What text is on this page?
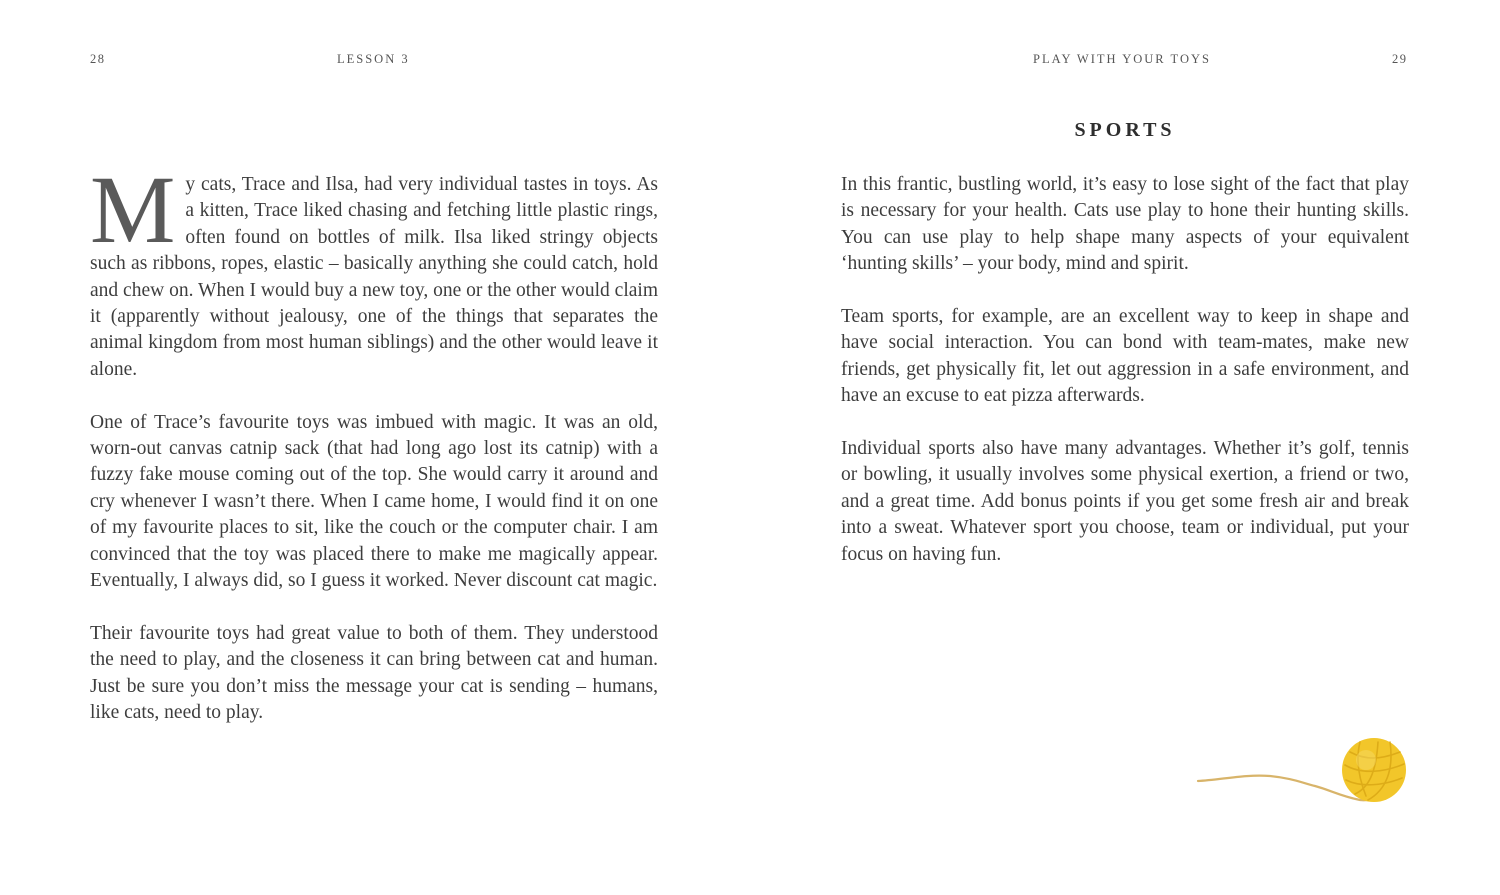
28	LESSON 3

My cats, Trace and Ilsa, had very individual tastes in toys. As a kitten, Trace liked chasing and fetching little plastic rings, often found on bottles of milk. Ilsa liked stringy objects such as ribbons, ropes, elastic – basically anything she could catch, hold and chew on. When I would buy a new toy, one or the other would claim it (apparently without jealousy, one of the things that separates the animal kingdom from most human siblings) and the other would leave it alone.

One of Trace’s favourite toys was imbued with magic. It was an old, worn-out canvas catnip sack (that had long ago lost its catnip) with a fuzzy fake mouse coming out of the top. She would carry it around and cry whenever I wasn’t there. When I came home, I would find it on one of my favourite places to sit, like the couch or the computer chair. I am convinced that the toy was placed there to make me magically appear. Eventually, I always did, so I guess it worked. Never discount cat magic.

Their favourite toys had great value to both of them. They understood the need to play, and the closeness it can bring between cat and human. Just be sure you don’t miss the message your cat is sending – humans, like cats, need to play.

PLAY WITH YOUR TOYS	29
SPORTS

In this frantic, bustling world, it’s easy to lose sight of the fact that play is necessary for your health. Cats use play to hone their hunting skills. You can use play to help shape many aspects of your equivalent ‘hunting skills’ – your body, mind and spirit.

Team sports, for example, are an excellent way to keep in shape and have social interaction. You can bond with team-mates, make new friends, get physically fit, let out aggression in a safe environment, and have an excuse to eat pizza afterwards.

Individual sports also have many advantages. Whether it’s golf, tennis or bowling, it usually involves some physical exertion, a friend or two, and a great time. Add bonus points if you get some fresh air and break into a sweat. Whatever sport you choose, team or individual, put your focus on having fun.
